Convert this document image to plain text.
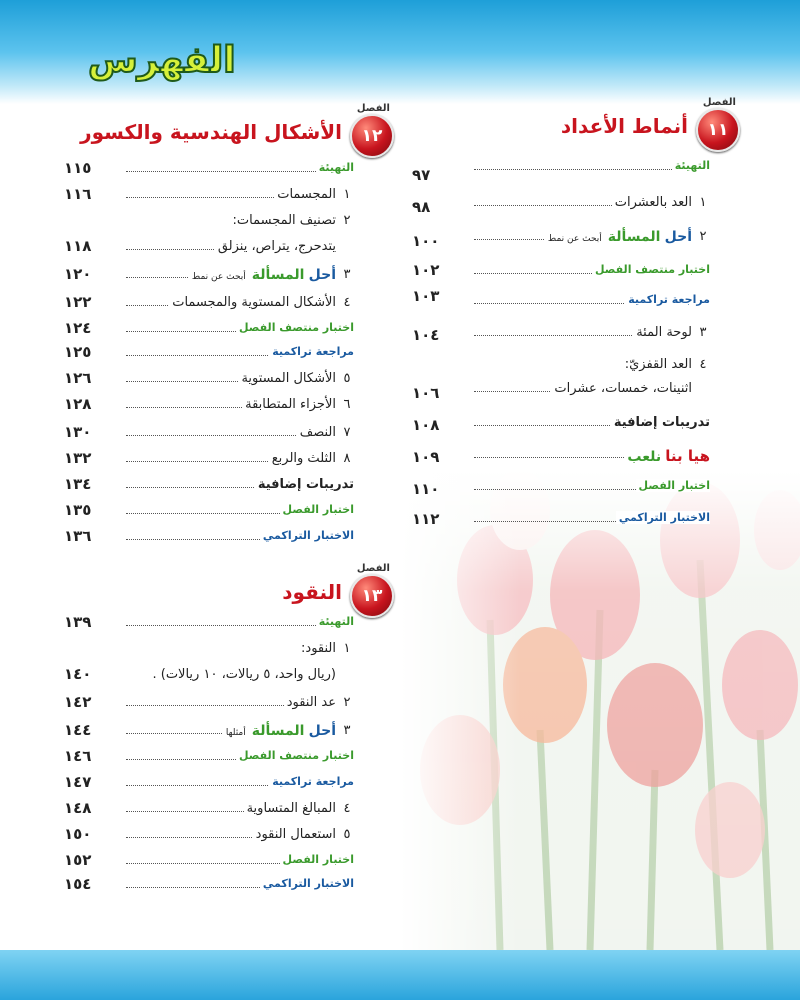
الفهرس
الفصل
١١
أنماط الأعداد
التهيئة
٩٧
١
العد بالعشرات
٩٨
٢
أحل المسألةأبحث عن نمط
١٠٠
اختبار منتصف الفصل
١٠٢
مراجعة تراكمية
١٠٣
٣
لوحة المئة
١٠٤
٤
العد القفزيّ:
اثنينات، خمسات، عشرات
١٠٦
تدريبات إضافية
١٠٨
هيا بنا نلعب
١٠٩
اختبار الفصل
١١٠
الاختبار التراكمي
١١٢
الفصل
١٢
الأشكال الهندسية والكسور
التهيئة
١١٥
١
المجسمات
١١٦
٢
تصنيف المجسمات:
يتدحرج، يتراص، ينزلق
١١٨
٣
أحل المسألةأبحث عن نمط
١٢٠
٤
الأشكال المستوية والمجسمات
١٢٢
اختبار منتصف الفصل
١٢٤
مراجعة تراكمية
١٢٥
٥
الأشكال المستوية
١٢٦
٦
الأجزاء المتطابقة
١٢٨
٧
النصف
١٣٠
٨
الثلث والربع
١٣٢
تدريبات إضافية
١٣٤
اختبار الفصل
١٣٥
الاختبار التراكمي
١٣٦
الفصل
١٣
النقود
التهيئة
١٣٩
١
النقود:
(ريال واحد، ٥ ريالات، ١٠ ريالات) .
١٤٠
٢
عد النقود
١٤٢
٣
أحل المسألةأمثلها
١٤٤
اختبار منتصف الفصل
١٤٦
مراجعة تراكمية
١٤٧
٤
المبالغ المتساوية
١٤٨
٥
استعمال النقود
١٥٠
اختبار الفصل
١٥٢
الاختبار التراكمي
١٥٤
